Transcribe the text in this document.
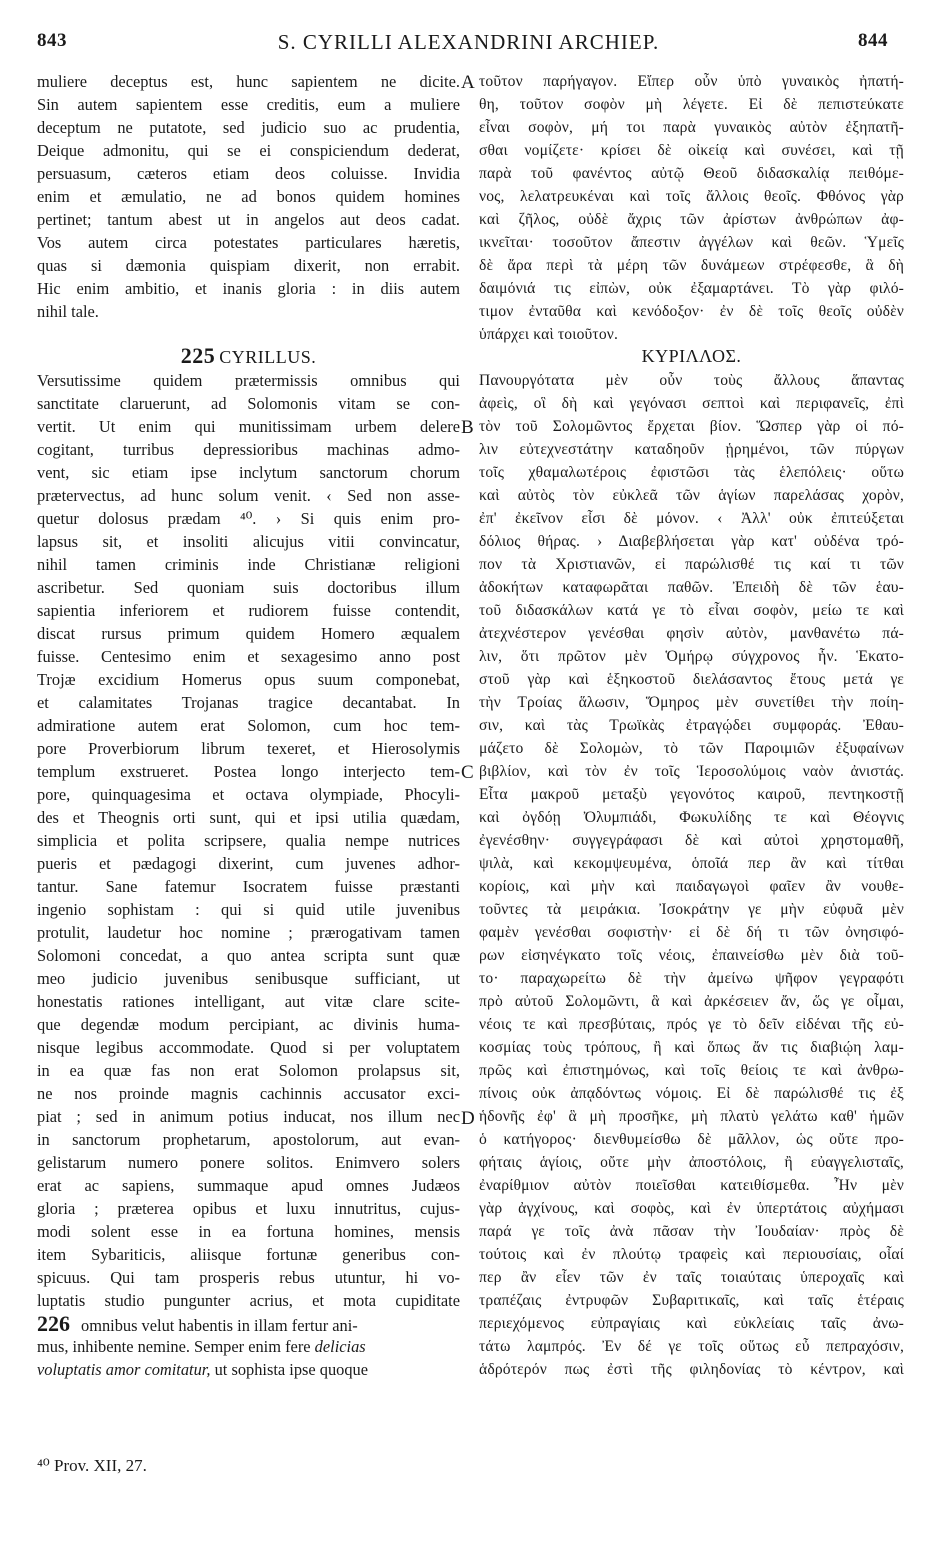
843	S. CYRILLI ALEXANDRINI ARCHIEP.	844
muliere deceptus est, hunc sapientem ne dicite.
Sin autem sapientem esse creditis, eum a muliere
deceptum ne putatote, sed judicio suo ac prudentia,
Deique admonitu, qui se ei conspiciendum dederat,
persuasum, cæteros etiam deos coluisse. Invidia
enim et æmulatio, ne ad bonos quidem homines
pertinet; tantum abest ut in angelos aut deos cadat.
Vos autem circa potestates particulares hæretis,
quas si dæmonia quispiam dixerit, non errabit.
Hic enim ambitio, et inanis gloria : in diis autem
nihil tale.
225 CYRILLUS.
Versutissime quidem prætermissis omnibus qui
sanctitate claruerunt, ad Solomonis vitam se con-
vertit. Ut enim qui munitissimam urbem delere
cogitant, turribus depressioribus machinas admo-
vent, sic etiam ipse inclytum sanctorum chorum
prætervectus, ad hunc solum venit. ‹ Sed non asse-
quetur dolosus prædam ⁴⁰. › Si quis enim pro-
lapsus sit, et insoliti alicujus vitii convincatur,
nihil tamen criminis inde Christianæ religioni
ascribetur. Sed quoniam suis doctoribus illum
sapientia inferiorem et rudiorem fuisse contendit,
discat rursus primum quidem Homero æqualem
fuisse. Centesimo enim et sexagesimo anno post
Trojæ excidium Homerus opus suum componebat,
et calamitates Trojanas tragice decantabat. In
admiratione autem erat Solomon, cum hoc tem-
pore Proverbiorum librum texeret, et Hierosolymis
templum exstrueret. Postea longo interjecto tem-
pore, quinquagesima et octava olympiade, Phocyli-
des et Theognis orti sunt, qui et ipsi utilia quædam,
simplicia et polita scripsere, qualia nempe nutrices
pueris et pædagogi dixerint, cum juvenes adhor-
tantur. Sane fatemur Isocratem fuisse præstanti
ingenio sophistam : qui si quid utile juvenibus
protulit, laudetur hoc nomine ; prærogativam tamen
Solomoni concedat, a quo antea scripta sunt quæ
meo judicio juvenibus senibusque sufficiant, ut
honestatis rationes intelligant, aut vitæ clare scite-
que degendæ modum percipiant, ac divinis huma-
nisque legibus accommodate. Quod si per voluptatem
in ea quæ fas non erat Solomon prolapsus sit,
ne nos proinde magnis cachinnis accusator exci-
piat ; sed in animum potius inducat, nos illum nec
in sanctorum prophetarum, apostolorum, aut evan-
gelistarum numero ponere solitos. Enimvero solers
erat ac sapiens, summaque apud omnes Judæos
gloria ; præterea opibus et luxu innutritus, cujus-
modi solent esse in ea fortuna homines, mensis
item Sybariticis, aliisque fortunæ generibus con-
spicuus. Qui tam prosperis rebus utuntur, hi vo-
luptatis studio pungunter acrius, et mota cupiditate
226 omnibus velut habentis in illam fertur ani-
mus, inhibente nemine. Semper enim fere delicias
voluptatis amor comitatur, ut sophista ipse quoque
τοῦτον παρήγαγον. Εἴπερ οὖν ὑπὸ γυναικὸς ἠπατή-
θη, τοῦτον σοφὸν μὴ λέγετε. Εἰ δὲ πεπιστεύκατε
εἶναι σοφὸν, μή τοι παρὰ γυναικὸς αὐτὸν ἐξηπατῆ-
σθαι νομίζετε· κρίσει δὲ οἰκείᾳ καὶ συνέσει, καὶ τῇ
παρὰ τοῦ φανέντος αὐτῷ Θεοῦ διδασκαλίᾳ πειθόμε-
νος, λελατρευκέναι καὶ τοῖς ἄλλοις θεοῖς. Φθόνος γὰρ
καὶ ζῆλος, οὐδὲ ἄχρις τῶν ἀρίστων ἀνθρώπων ἀφ-
ικνεῖται· τοσοῦτον ἄπεστιν ἀγγέλων καὶ θεῶν. Ὑμεῖς
δὲ ἄρα περὶ τὰ μέρη τῶν δυνάμεων στρέφεσθε, ἃ δὴ
δαιμόνιά τις εἰπὼν, οὐκ ἐξαμαρτάνει. Τὸ γὰρ φιλό-
τιμον ἐνταῦθα καὶ κενόδοξον· ἐν δὲ τοῖς θεοῖς οὐδὲν
ὑπάρχει καὶ τοιοῦτον.
ΚΥΡΙΛΛΟΣ.
Πανουργότατα μὲν οὖν τοὺς ἄλλους ἅπαντας
ἀφεὶς, οἳ δὴ καὶ γεγόνασι σεπτοὶ καὶ περιφανεῖς, ἐπὶ
τὸν τοῦ Σολομῶντος ἔρχεται βίον. Ὥσπερ γὰρ οἱ πό-
λιν εὐτεχνεστάτην καταδηοῦν ᾑρημένοι, τῶν πύργων
τοῖς χθαμαλωτέροις ἐφιστῶσι τὰς ἑλεπόλεις· οὕτω
καὶ αὐτὸς τὸν εὐκλεᾶ τῶν ἁγίων παρελάσας χορὸν,
ἐπ' ἐκεῖνον εἶσι δὲ μόνον. ‹ Ἀλλ' οὐκ ἐπιτεύξεται
δόλιος θήρας. › Διαβεβλήσεται γὰρ κατ' οὐδένα τρό-
πον τὰ Χριστιανῶν, εἰ παρώλισθέ τις καί τι τῶν
ἀδοκήτων καταφωρᾶται παθῶν. Ἐπειδὴ δὲ τῶν ἑαυ-
τοῦ διδασκάλων κατά γε τὸ εἶναι σοφὸν, μείω τε καὶ
ἀτεχνέστερον γενέσθαι φησὶν αὐτὸν, μανθανέτω πά-
λιν, ὅτι πρῶτον μὲν Ὁμήρῳ σύγχρονος ἦν. Ἑκατο-
στοῦ γὰρ καὶ ἑξηκοστοῦ διελάσαντος ἔτους μετά γε
τὴν Τροίας ἅλωσιν, Ὅμηρος μὲν συνετίθει τὴν ποίη-
σιν, καὶ τὰς Τρωϊκὰς ἐτραγῴδει συμφοράς. Ἐθαυ-
μάζετο δὲ Σολομὼν, τὸ τῶν Παροιμιῶν ἐξυφαίνων
βιβλίον, καὶ τὸν ἐν τοῖς Ἱεροσολύμοις ναὸν ἀνιστάς.
Εἶτα μακροῦ μεταξὺ γεγονότος καιροῦ, πεντηκοστῇ
καὶ ὀγδόῃ Ὀλυμπιάδι, Φωκυλίδης τε καὶ Θέογνις
ἐγενέσθην· συγγεγράφασι δὲ καὶ αὐτοὶ χρηστομαθῆ,
ψιλὰ, καὶ κεκομψευμένα, ὁποῖά περ ἂν καὶ τίτθαι
κορίοις, καὶ μὴν καὶ παιδαγωγοὶ φαῖεν ἂν νουθε-
τοῦντες τὰ μειράκια. Ἰσοκράτην γε μὴν εὐφυᾶ μὲν
φαμὲν γενέσθαι σοφιστὴν· εἰ δὲ δή τι τῶν ὀνησιφό-
ρων εἰσηνέγκατο τοῖς νέοις, ἐπαινείσθω μὲν διὰ τοῦ-
το· παραχωρείτω δὲ τὴν ἀμείνω ψῆφον γεγραφότι
πρὸ αὐτοῦ Σολομῶντι, ἃ καὶ ἀρκέσειεν ἄν, ὥς γε οἶμαι,
νέοις τε καὶ πρεσβύταις, πρός γε τὸ δεῖν εἰδέναι τῆς εὐ-
κοσμίας τοὺς τρόπους, ἢ καὶ ὅπως ἄν τις διαβιῴη λαμ-
πρῶς καὶ ἐπιστημόνως, καὶ τοῖς θείοις τε καὶ ἀνθρω-
πίνοις οὐκ ἀπᾳδόντως νόμοις. Εἰ δὲ παρώλισθέ τις ἐξ
ἡδονῆς ἐφ' ἃ μὴ προσῆκε, μὴ πλατὺ γελάτω καθ' ἡμῶν
ὁ κατήγορος· διενθυμείσθω δὲ μᾶλλον, ὡς οὔτε προ-
φήταις ἁγίοις, οὔτε μὴν ἀποστόλοις, ἢ εὐαγγελισταῖς,
ἐναρίθμιον αὐτὸν ποιεῖσθαι κατειθίσμεθα. Ἦν μὲν
γὰρ ἀγχίνους, καὶ σοφὸς, καὶ ἐν ὑπερτάτοις αὐχήμασι
παρά γε τοῖς ἀνὰ πᾶσαν τὴν Ἰουδαίαν· πρὸς δὲ
τούτοις καὶ ἐν πλούτῳ τραφεὶς καὶ περιουσίαις, οἷαί
περ ἂν εἶεν τῶν ἐν ταῖς τοιαύταις ὑπεροχαῖς καὶ
τραπέζαις ἐντρυφῶν Συβαριτικαῖς, καὶ ταῖς ἑτέραις
περιεχόμενος εὐπραγίαις καὶ εὐκλείαις ταῖς ἀνω-
τάτω λαμπρός. Ἐν δέ γε τοῖς οὕτως εὖ πεπραχόσιν,
ἁδρότερόν πως ἐστὶ τῆς φιληδονίας τὸ κέντρον, καὶ
A
B
C
D
⁴⁰ Prov. XII, 27.
